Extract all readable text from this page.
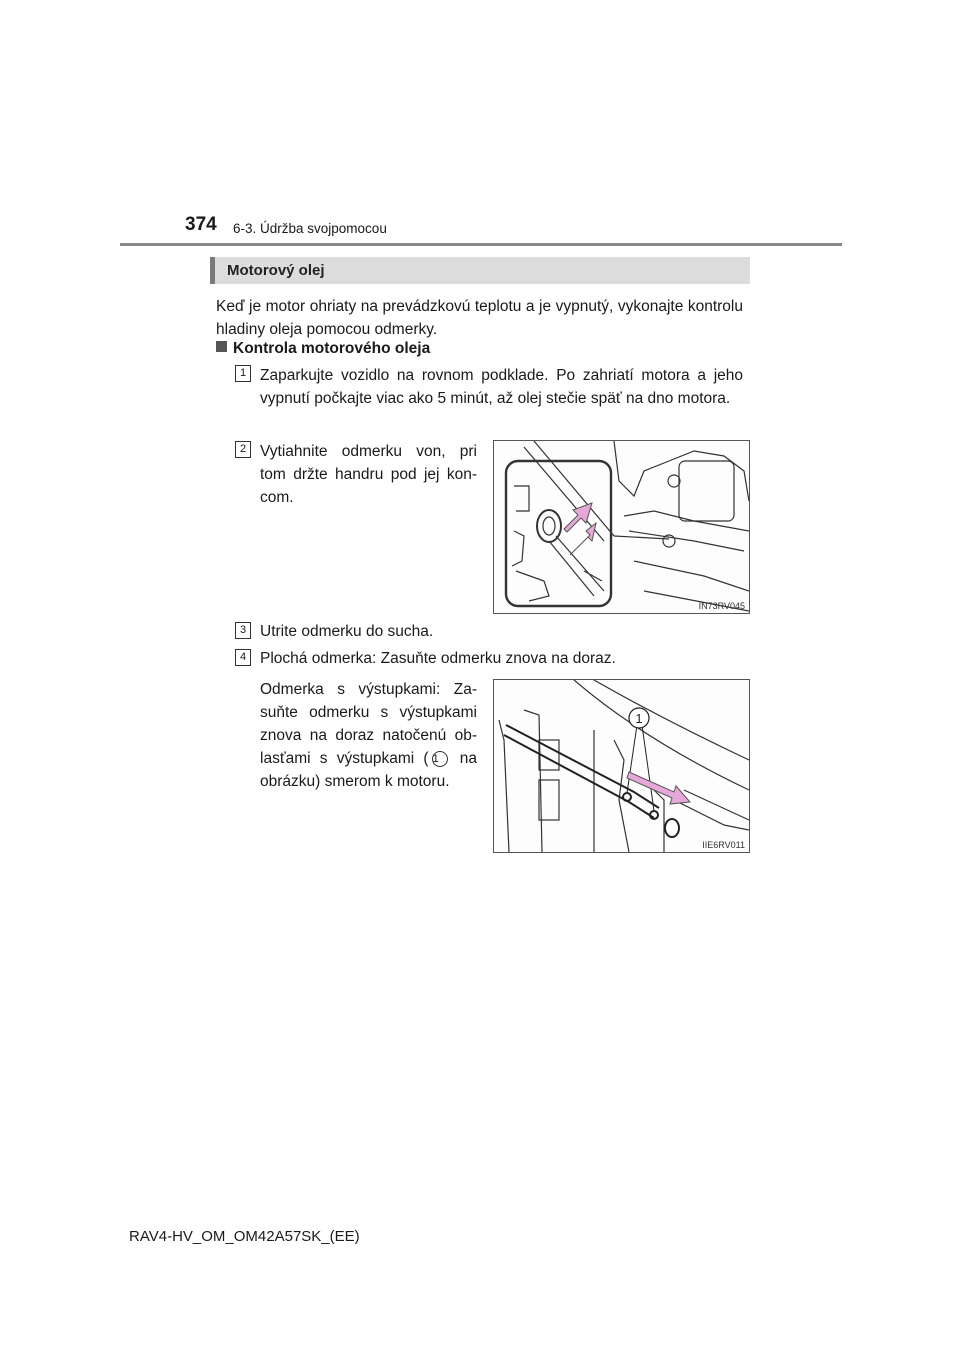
374 6-3. Údržba svojpomocou
Motorový olej
Keď je motor ohriaty na prevádzkovú teplotu a je vypnutý, vykonajte kontrolu hladiny oleja pomocou odmerky.
Kontrola motorového oleja
1 Zaparkujte vozidlo na rovnom podklade. Po zahriatí motora a jeho vypnutí počkajte viac ako 5 minút, až olej stečie späť na dno motora.
2 Vytiahnite odmerku von, pri tom držte handru pod jej kon-com.
IN73RV045
3 Utrite odmerku do sucha.
4 Plochá odmerka: Zasuňte odmerku znova na doraz.
Odmerka s výstupkami: Za-suňte odmerku s výstupkami znova na doraz natočenú ob-lasťami s výstupkami ( 1 na obrázku) smerom k motoru.
1
IIE6RV011
RAV4-HV_OM_OM42A57SK_(EE)
